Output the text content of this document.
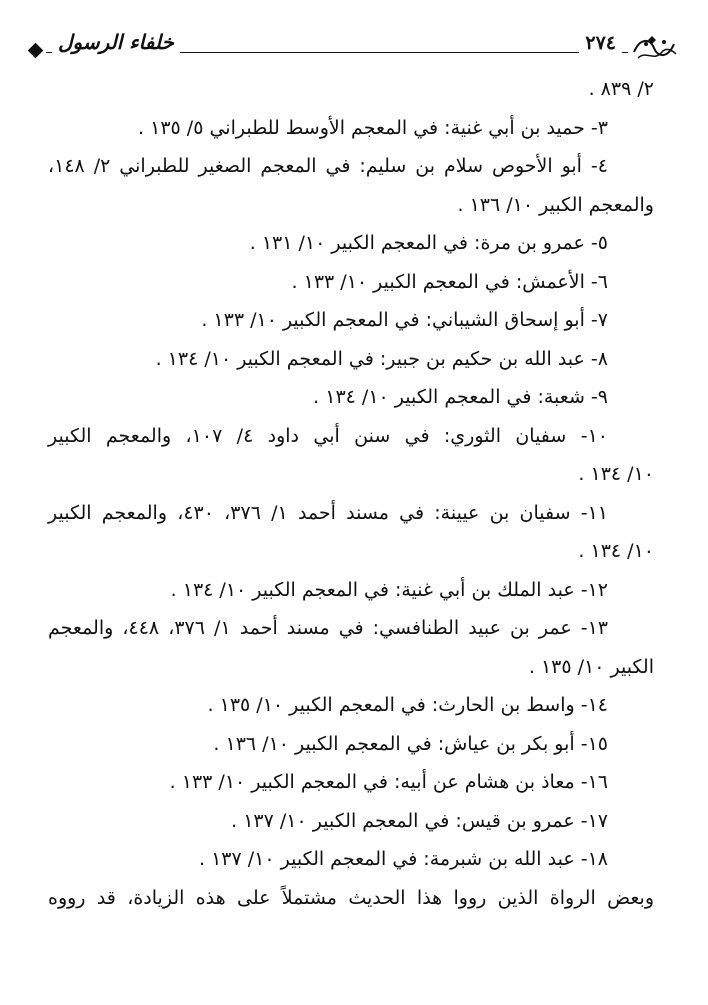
خلفاء الرسول	٢٧٤

٢/ ٨٣٩ .

٣- حميد بن أبي غنية: في المعجم الأوسط للطبراني ٥/ ١٣٥ .

٤- أبو الأحوص سلام بن سليم: في المعجم الصغير للطبراني ٢/ ١٤٨،

والمعجم الكبير ١٠/ ١٣٦ .

٥- عمرو بن مرة: في المعجم الكبير ١٠/ ١٣١ .

٦- الأعمش: في المعجم الكبير ١٠/ ١٣٣ .

٧- أبو إسحاق الشيباني: في المعجم الكبير ١٠/ ١٣٣ .

٨- عبد الله بن حكيم بن جبير: في المعجم الكبير ١٠/ ١٣٤ .

٩- شعبة: في المعجم الكبير ١٠/ ١٣٤ .

١٠- سفيان الثوري: في سنن أبي داود ٤/ ١٠٧، والمعجم الكبير

١٠/ ١٣٤ .

١١- سفيان بن عيينة: في مسند أحمد ١/ ٣٧٦، ٤٣٠، والمعجم الكبير

١٠/ ١٣٤ .

١٢- عبد الملك بن أبي غنية: في المعجم الكبير ١٠/ ١٣٤ .

١٣- عمر بن عبيد الطنافسي: في مسند أحمد ١/ ٣٧٦، ٤٤٨، والمعجم

الكبير ١٠/ ١٣٥ .

١٤- واسط بن الحارث: في المعجم الكبير ١٠/ ١٣٥ .

١٥- أبو بكر بن عياش: في المعجم الكبير ١٠/ ١٣٦ .

١٦- معاذ بن هشام عن أبيه: في المعجم الكبير ١٠/ ١٣٣ .

١٧- عمرو بن قيس: في المعجم الكبير ١٠/ ١٣٧ .

١٨- عبد الله بن شبرمة: في المعجم الكبير ١٠/ ١٣٧ .

وبعض الرواة الذين رووا هذا الحديث مشتملاً على هذه الزيادة، قد رووه
